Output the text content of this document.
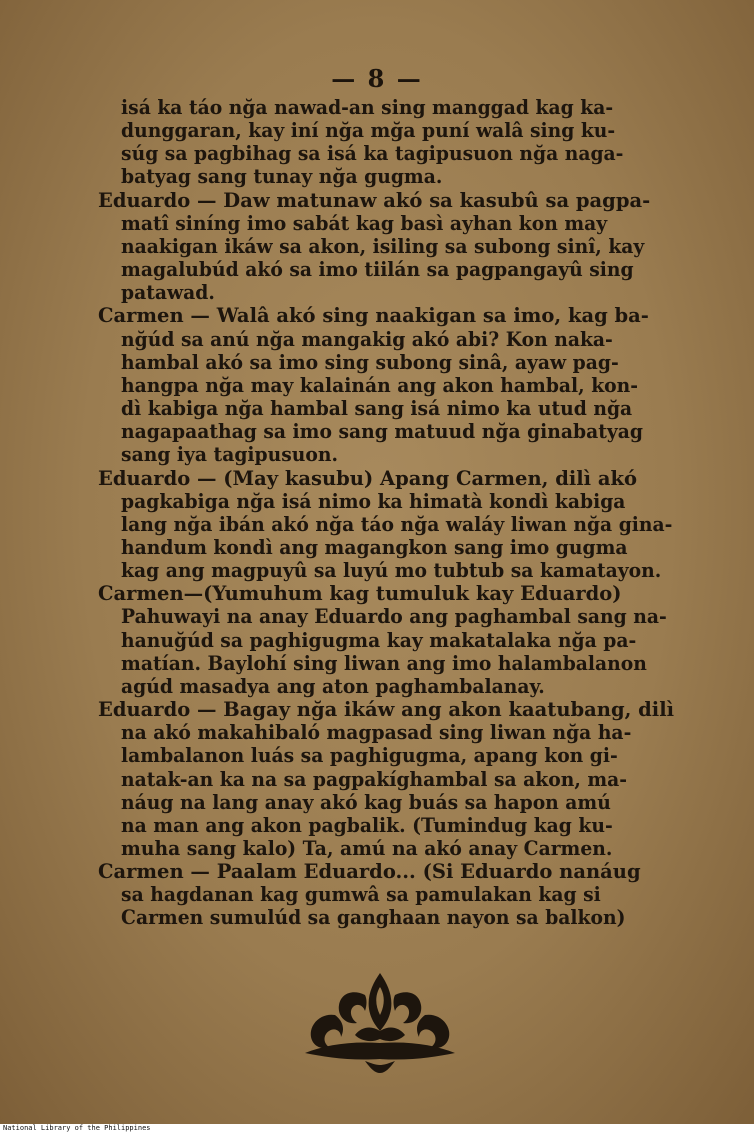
— 8 —
isá ka táo nğa nawad-an sing manggad kag ka-
dunggaran, kay iní nğa mğa puní walâ sing ku-
súg sa pagbihag sa isá ka tagipusuon nğa naga-
batyag sang tunay nğa gugma.
Eduardo — Daw matunaw akó sa kasubû sa pagpa-
matî siníng imo sabát kag basì ayhan kon may
naakigan ikáw sa akon, isiling sa subong sinî, kay
magalubúd akó sa imo tiilán sa pagpangayû sing
patawad.
Carmen — Walâ akó sing naakigan sa imo, kag ba-
nğúd sa anú nğa mangakig akó abi? Kon naka-
hambal akó sa imo sing subong sinâ, ayaw pag-
hangpa nğa may kalainán ang akon hambal, kon-
dì kabiga nğa hambal sang isá nimo ka utud nğa
nagapaathag sa imo sang matuud nğa ginabatyag
sang iya tagipusuon.
Eduardo — (May kasubu) Apang Carmen, dilì akó
pagkabiga nğa isá nimo ka himatà kondì kabiga
lang nğa ibán akó nğa táo nğa waláy liwan nğa gina-
handum kondì ang magangkon sang imo gugma
kag ang magpuyû sa luyú mo tubtub sa kamatayon.
Carmen—(Yumuhum kag tumuluk kay Eduardo)
Pahuwayi na anay Eduardo ang paghambal sang na-
hanuğúd sa paghigugma kay makatalaka nğa pa-
matían. Baylohí sing liwan ang imo halambalanon
agúd masadya ang aton paghambalanay.
Eduardo — Bagay nğa ikáw ang akon kaatubang, dilì
na akó makahibaló magpasad sing liwan nğa ha-
lambalanon luás sa paghigugma, apang kon gi-
natak-an ka na sa pagpakíghambal sa akon, ma-
náug na lang anay akó kag buás sa hapon amú
na man ang akon pagbalik. (Tumindug kag ku-
muha sang kalo) Ta, amú na akó anay Carmen.
Carmen — Paalam Eduardo... (Si Eduardo nanáug
sa hagdanan kag gumwâ sa pamulakan kag si
Carmen sumulúd sa ganghaan nayon sa balkon)
National Library of the Philippines
